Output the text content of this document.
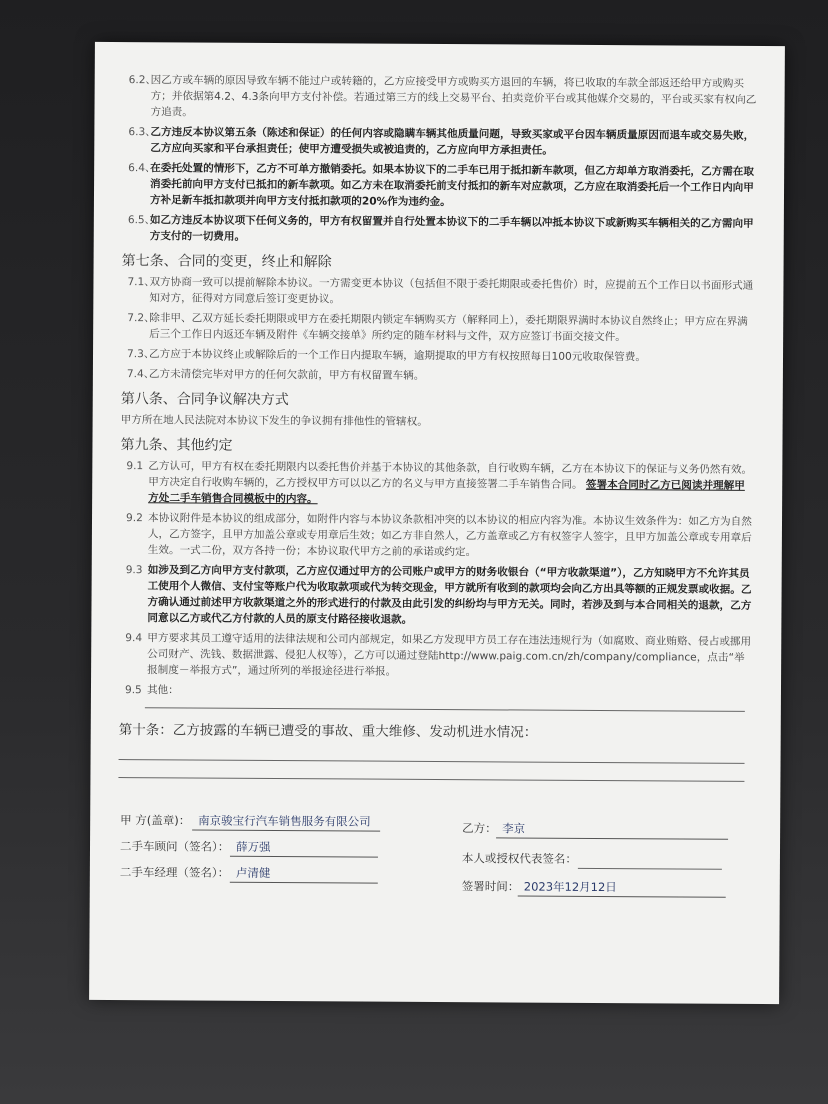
6.2、
因乙方或车辆的原因导致车辆不能过户或转籍的，乙方应接受甲方或购买方退回的车辆，将已收取的车款全部返还给甲方或购买方；并依据第4.2、4.3条向甲方支付补偿。若通过第三方的线上交易平台、拍卖竞价平台或其他媒介交易的，平台或买家有权向乙方追责。
6.3、
乙方违反本协议第五条（陈述和保证）的任何内容或隐瞒车辆其他质量问题，导致买家或平台因车辆质量原因而退车或交易失败，乙方应向买家和平台承担责任；使甲方遭受损失或被追责的，乙方应向甲方承担责任。
6.4、
在委托处置的情形下，乙方不可单方撤销委托。如果本协议下的二手车已用于抵扣新车款项，但乙方却单方取消委托，乙方需在取消委托前向甲方支付已抵扣的新车款项。如乙方未在取消委托前支付抵扣的新车对应款项，乙方应在取消委托后一个工作日内向甲方补足新车抵扣款项并向甲方支付抵扣款项的20%作为违约金。
6.5、
如乙方违反本协议项下任何义务的，甲方有权留置并自行处置本协议下的二手车辆以冲抵本协议下或新购买车辆相关的乙方需向甲方支付的一切费用。
第七条、合同的变更，终止和解除
7.1、
双方协商一致可以提前解除本协议。一方需变更本协议（包括但不限于委托期限或委托售价）时，应提前五个工作日以书面形式通知对方，征得对方同意后签订变更协议。
7.2、
除非甲、乙双方延长委托期限或甲方在委托期限内锁定车辆购买方（解释同上），委托期限界满时本协议自然终止；甲方应在界满后三个工作日内返还车辆及附件《车辆交接单》所约定的随车材料与文件，双方应签订书面交接文件。
7.3、
乙方应于本协议终止或解除后的一个工作日内提取车辆，逾期提取的甲方有权按照每日100元收取保管费。
7.4、
乙方未清偿完毕对甲方的任何欠款前，甲方有权留置车辆。
第八条、合同争议解决方式
甲方所在地人民法院对本协议下发生的争议拥有排他性的管辖权。
第九条、其他约定
9.1 乙方认可，甲方有权在委托期限内以委托售价并基于本协议的其他条款，自行收购车辆，乙方在本协议下的保证与义务仍然有效。甲方决定自行收购车辆的，乙方授权甲方可以以乙方的名义与甲方直接签署二手车销售合同。 签署本合同时乙方已阅读并理解甲方处二手车销售合同模板中的内容。
9.2 本协议附件是本协议的组成部分，如附件内容与本协议条款相冲突的以本协议的相应内容为准。本协议生效条件为：如乙方为自然人，乙方签字，且甲方加盖公章或专用章后生效；如乙方非自然人，乙方盖章或乙方有权签字人签字，且甲方加盖公章或专用章后生效。一式二份，双方各持一份；本协议取代甲方之前的承诺或约定。
9.3 如涉及到乙方向甲方支付款项，乙方应仅通过甲方的公司账户或甲方的财务收银台（“甲方收款渠道”），乙方知晓甲方不允许其员工使用个人微信、支付宝等账户代为收取款项或代为转交现金，甲方就所有收到的款项均会向乙方出具等额的正规发票或收据。乙方确认通过前述甲方收款渠道之外的形式进行的付款及由此引发的纠纷均与甲方无关。同时，若涉及到与本合同相关的退款，乙方同意以乙方或代乙方付款的人员的原支付路径接收退款。
9.4 甲方要求其员工遵守适用的法律法规和公司内部规定，如果乙方发现甲方员工存在违法违规行为（如腐败、商业贿赂、侵占或挪用公司财产、洗钱、数据泄露、侵犯人权等），乙方可以通过登陆http://www.paig.com.cn/zh/company/compliance，点击“举报制度－举报方式”，通过所列的举报途径进行举报。
9.5 其他：
第十条：乙方披露的车辆已遭受的事故、重大维修、发动机进水情况：
甲 方(盖章)： 南京骏宝行汽车销售服务有限公司
二手车顾问（签名）： 薛万强
二手车经理（签名）： 卢清健
乙方： 李京
本人或授权代表签名：
签署时间： 2023年12月12日
